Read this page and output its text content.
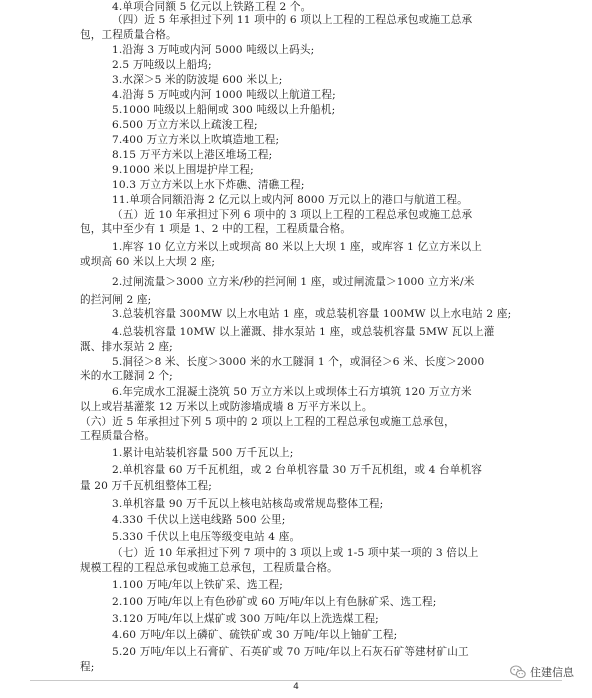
4.单项合同额 5 亿元以上铁路工程 2 个。
（四）近 5 年承担过下列 11 项中的 6 项以上工程的工程总承包或施工总承
包，工程质量合格。
1.沿海 3 万吨或内河 5000 吨级以上码头;
2.5 万吨级以上船坞;
3.水深＞5 米的防波堤 600 米以上;
4.沿海 5 万吨或内河 1000 吨级以上航道工程;
5.1000 吨级以上船闸或 300 吨级以上升船机;
6.500 万立方米以上疏浚工程;
7.400 万立方米以上吹填造地工程;
8.15 万平方米以上港区堆场工程;
9.1000 米以上围堤护岸工程;
10.3 万立方米以上水下炸礁、清礁工程;
11.单项合同额沿海 2 亿元以上或内河 8000 万元以上的港口与航道工程。
（五）近 10 年承担过下列 6 项中的 3 项以上工程的工程总承包或施工总承
包，其中至少有 1 项是 1、2 中的工程，工程质量合格。
1.库容 10 亿立方米以上或坝高 80 米以上大坝 1 座，或库容 1 亿立方米以上
或坝高 60 米以上大坝 2 座;
2.过闸流量＞3000 立方米/秒的拦河闸 1 座，或过闸流量＞1000 立方米/米
的拦河闸 2 座;
3.总装机容量 300MW 以上水电站 1 座，或总装机容量 100MW 以上水电站 2 座;
4.总装机容量 10MW 以上灌溉、排水泵站 1 座，或总装机容量 5MW 瓦以上灌
溉、排水泵站 2 座;
5.洞径＞8 米、长度＞3000 米的水工隧洞 1 个，或洞径＞6 米、长度＞2000
米的水工隧洞 2 个;
6.年完成水工混凝土浇筑 50 万立方米以上或坝体土石方填筑 120 万立方米
以上或岩基灌浆 12 万米以上或防渗墙成墙 8 万平方米以上。
（六）近 5 年承担过下列 5 项中的 2 项以上工程的工程总承包或施工总承包，
工程质量合格。
1.累计电站装机容量 500 万千瓦以上;
2.单机容量 60 万千瓦机组，或 2 台单机容量 30 万千瓦机组，或 4 台单机容
量 20 万千瓦机组整体工程;
3.单机容量 90 万千瓦以上核电站核岛或常规岛整体工程;
4.330 千伏以上送电线路 500 公里;
5.330 千伏以上电压等级变电站 4 座。
（七）近 10 年承担过下列 7 项中的 3 项以上或 1-5 项中某一项的 3 倍以上
规模工程的工程总承包或施工总承包，工程质量合格。
1.100 万吨/年以上铁矿采、选工程;
2.100 万吨/年以上有色砂矿或 60 万吨/年以上有色脉矿采、选工程;
3.120 万吨/年以上煤矿或 300 万吨/年以上洗选煤工程;
4.60 万吨/年以上磷矿、硫铁矿或 30 万吨/年以上铀矿工程;
5.20 万吨/年以上石膏矿、石英矿或 70 万吨/年以上石灰石矿等建材矿山工
程;
4
住建信息
